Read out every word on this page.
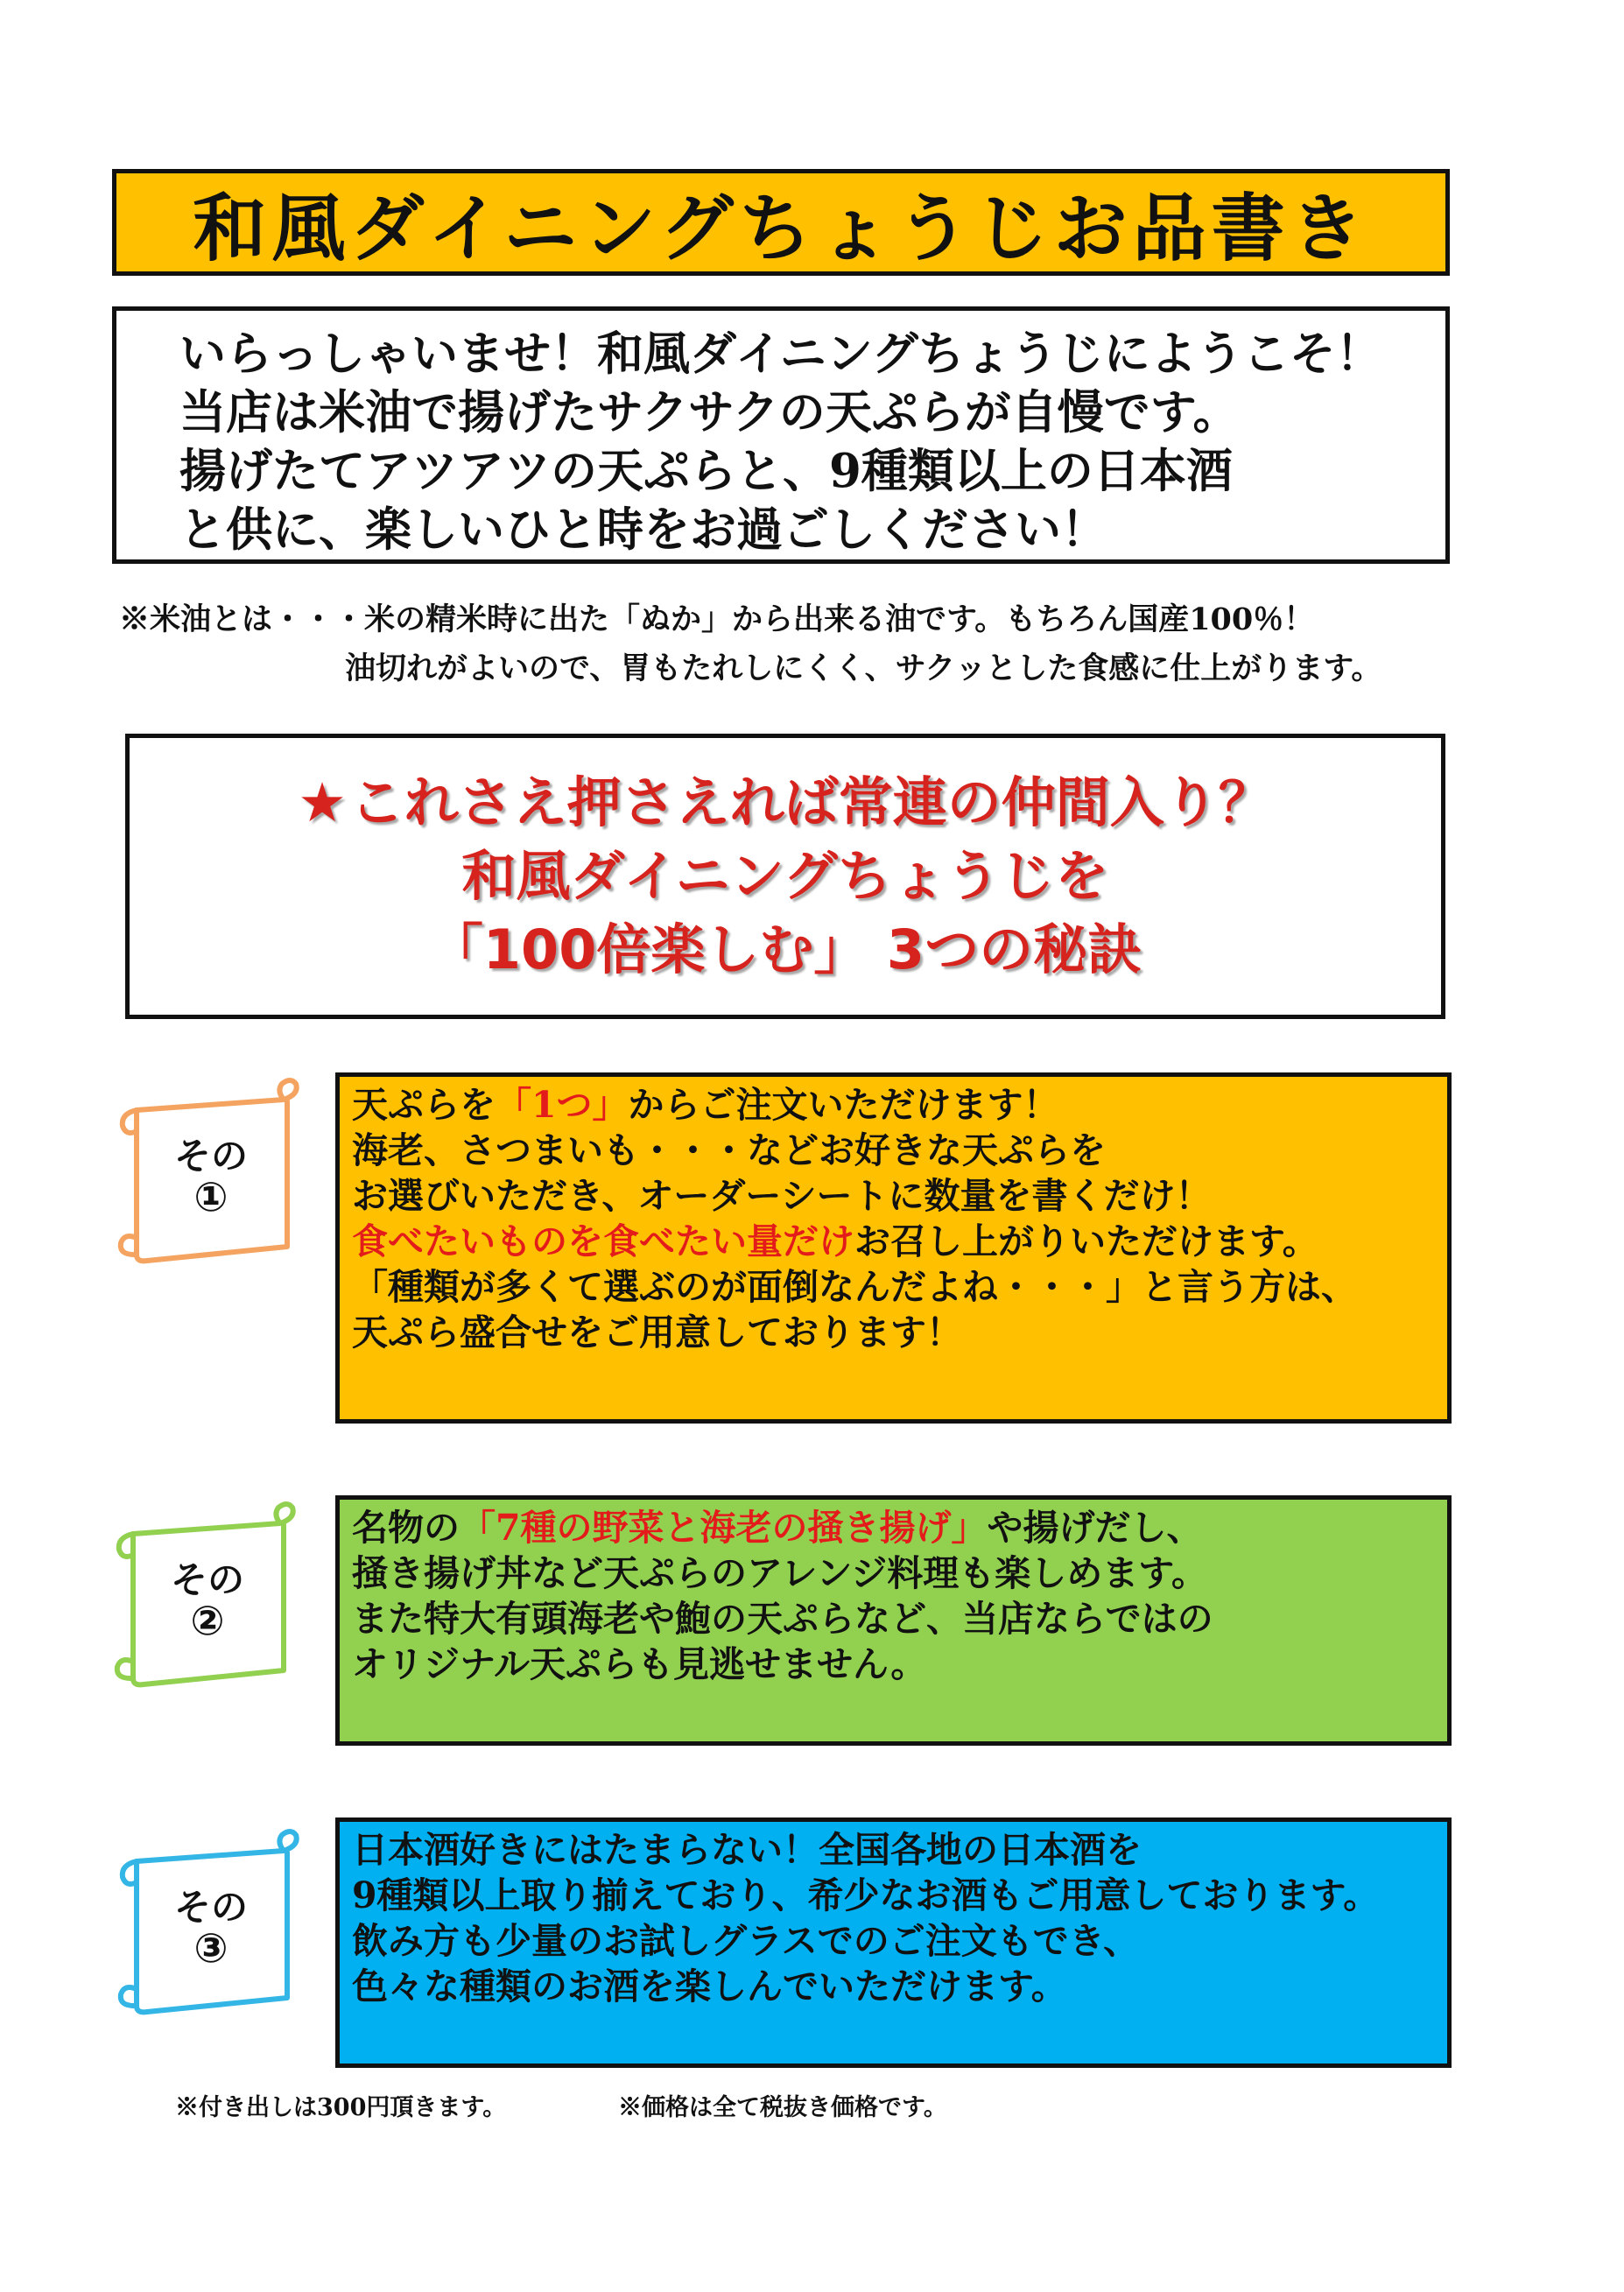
和風ダイニングちょうじお品書き
いらっしゃいませ！和風ダイニングちょうじにようこそ！
当店は米油で揚げたサクサクの天ぷらが自慢です。
揚げたてアツアツの天ぷらと、9種類以上の日本酒
と供に、楽しいひと時をお過ごしください！
※米油とは・・・米の精米時に出た「ぬか」から出来る油です。もちろん国産100％！
油切れがよいので、胃もたれしにくく、サクッとした食感に仕上がります。
★これさえ押さえれば常連の仲間入り？
和風ダイニングちょうじを
「100倍楽しむ」 3つの秘訣
その
①
天ぷらを「1つ」からご注文いただけます！
海老、さつまいも・・・などお好きな天ぷらを
お選びいただき、オーダーシートに数量を書くだけ！
食べたいものを食べたい量だけお召し上がりいただけます。
「種類が多くて選ぶのが面倒なんだよね・・・」と言う方は、
天ぷら盛合せをご用意しております！
その
②
名物の「7種の野菜と海老の掻き揚げ」や揚げだし、
掻き揚げ丼など天ぷらのアレンジ料理も楽しめます。
また特大有頭海老や鮑の天ぷらなど、当店ならではの
オリジナル天ぷらも見逃せません。
その
③
日本酒好きにはたまらない！全国各地の日本酒を
9種類以上取り揃えており、希少なお酒もご用意しております。
飲み方も少量のお試しグラスでのご注文もでき、
色々な種類のお酒を楽しんでいただけます。
※付き出しは300円頂きます。	※価格は全て税抜き価格です。
